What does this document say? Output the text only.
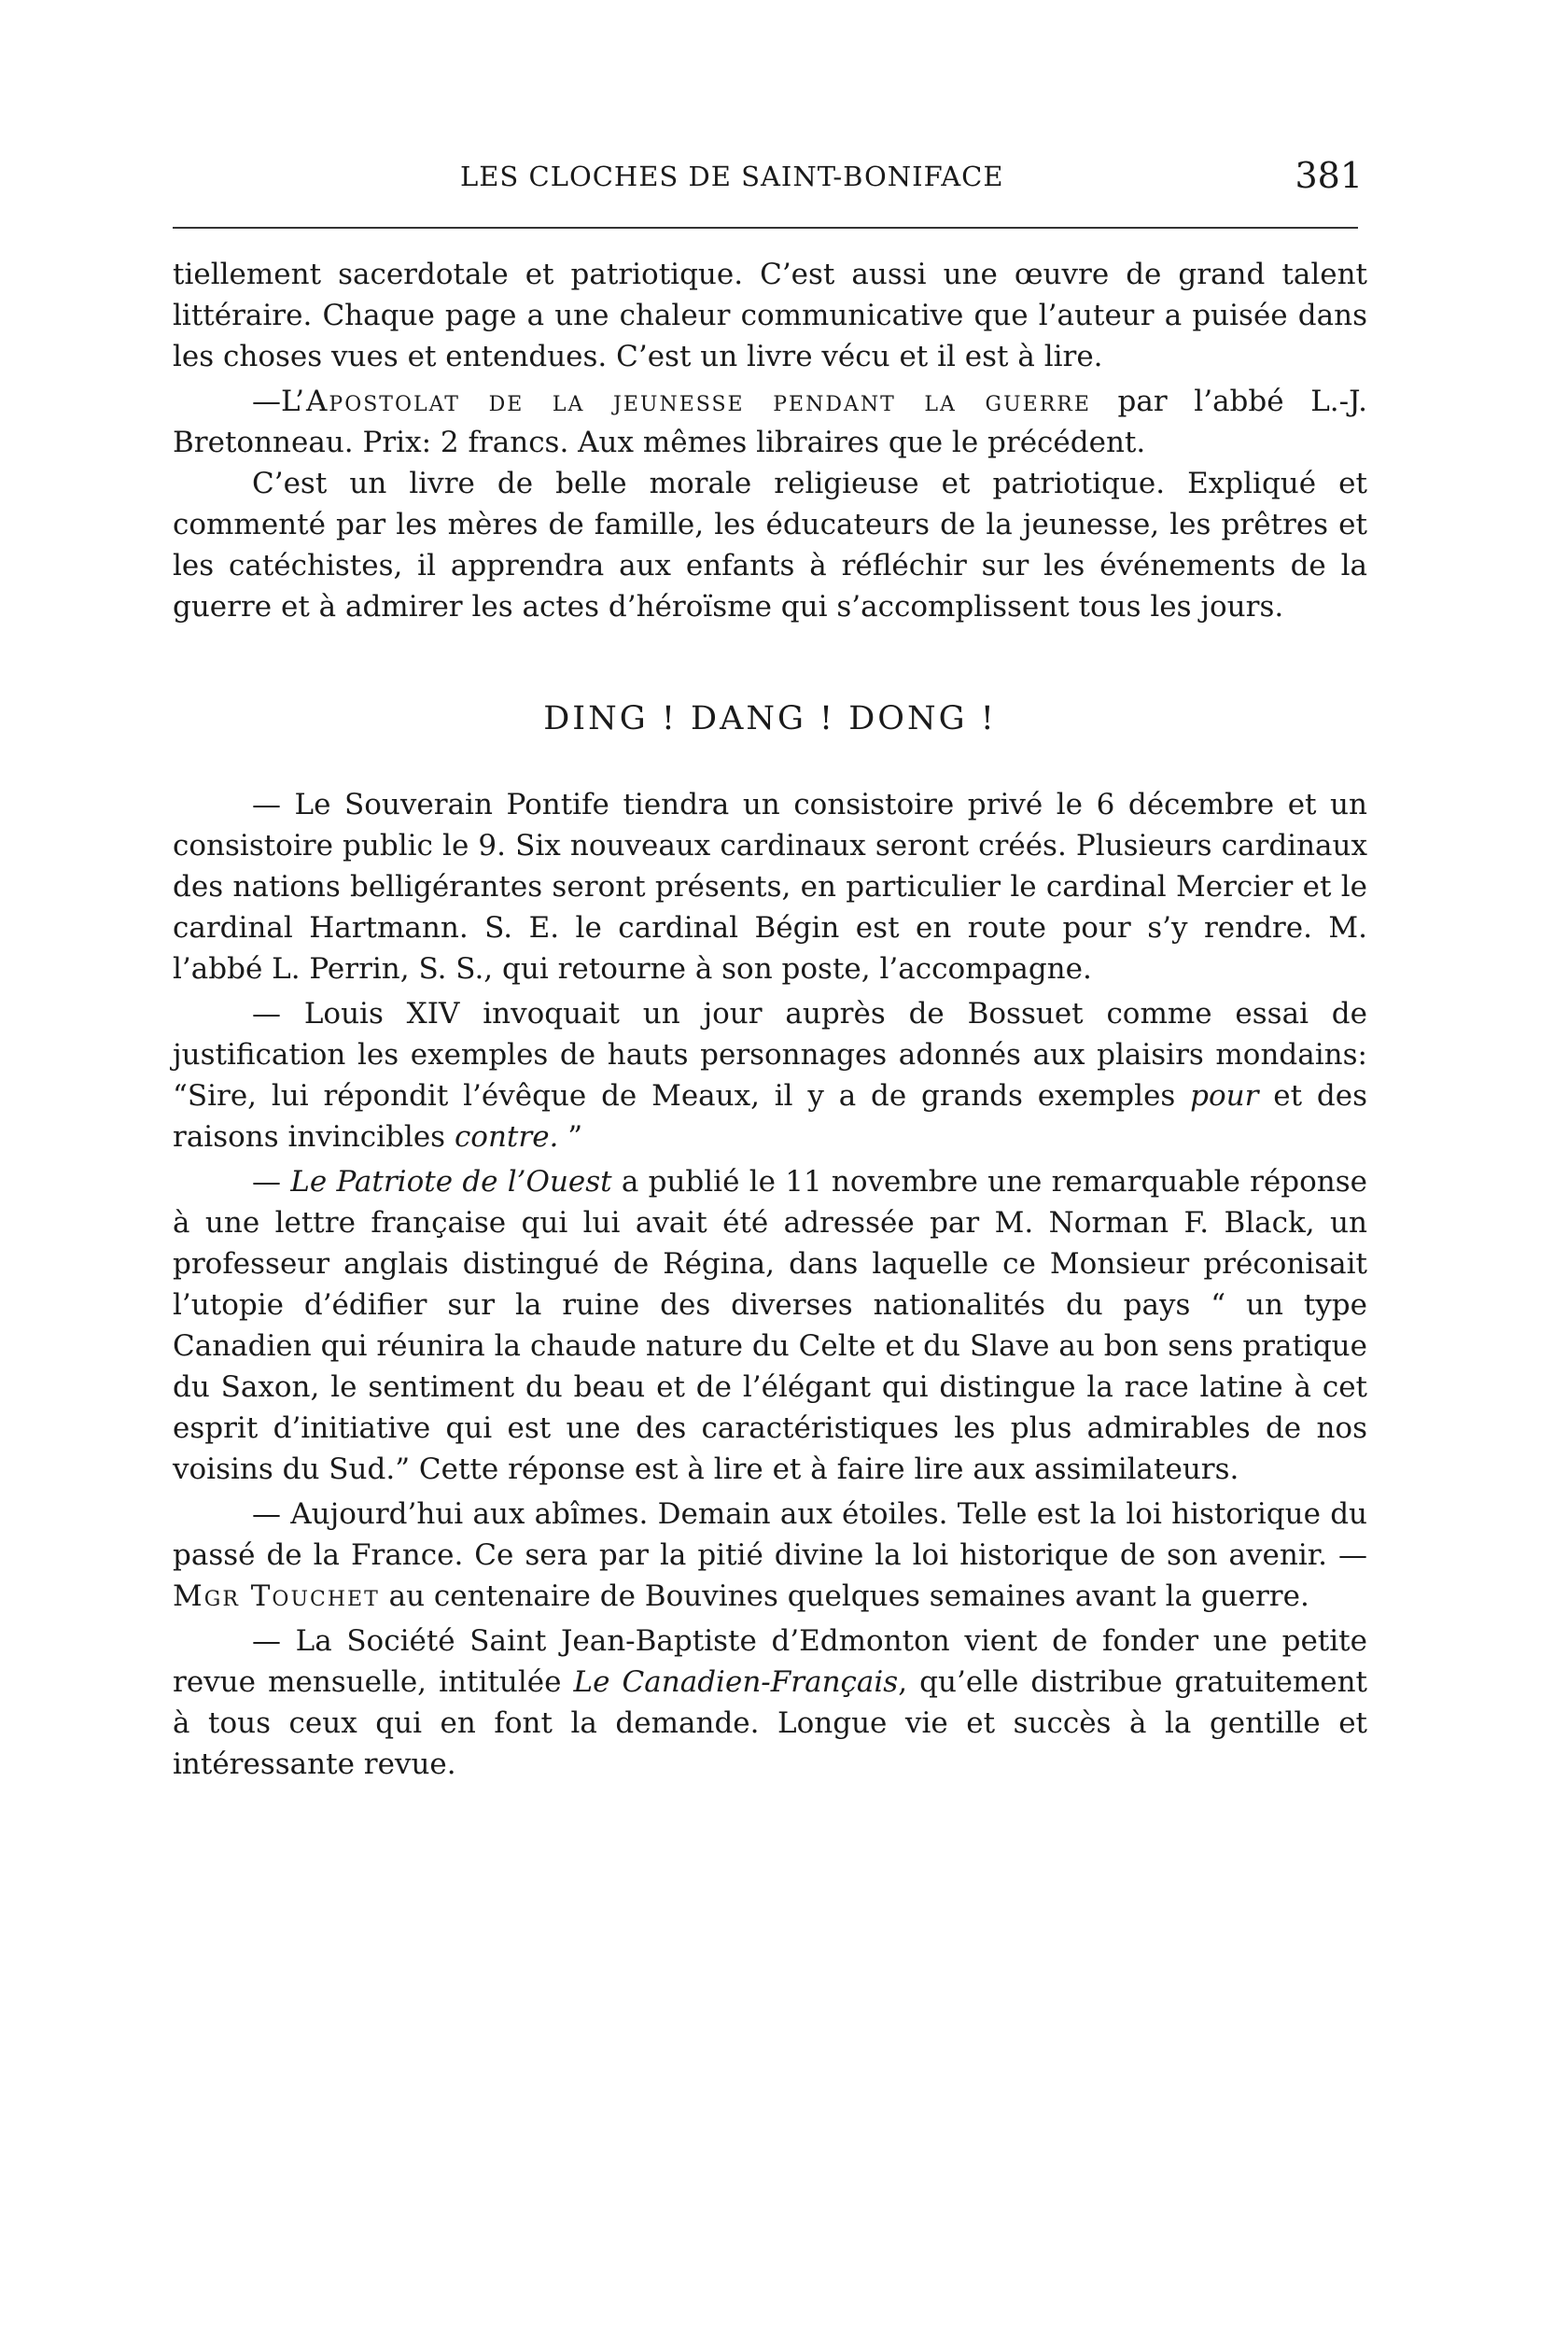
LES CLOCHES DE SAINT-BONIFACE	381

tiellement sacerdotale et patriotique. C’est aussi une œuvre de grand talent littéraire. Chaque page a une chaleur communicative que l’auteur a puisée dans les choses vues et entendues. C’est un livre vécu et il est à lire.

—L’Apostolat de la jeunesse pendant la guerre par l’abbé L.-J. Bretonneau. Prix: 2 francs. Aux mêmes libraires que le précédent.

C’est un livre de belle morale religieuse et patriotique. Expliqué et commenté par les mères de famille, les éducateurs de la jeunesse, les prêtres et les catéchistes, il apprendra aux enfants à réfléchir sur les événements de la guerre et à admirer les actes d’héroïsme qui s’accomplissent tous les jours.

DING ! DANG ! DONG !

— Le Souverain Pontife tiendra un consistoire privé le 6 décembre et un consistoire public le 9. Six nouveaux cardinaux seront créés. Plusieurs cardinaux des nations belligérantes seront présents, en particulier le cardinal Mercier et le cardinal Hartmann. S. E. le cardinal Bégin est en route pour s’y rendre. M. l’abbé L. Perrin, S. S., qui retourne à son poste, l’accompagne.

— Louis XIV invoquait un jour auprès de Bossuet comme essai de justification les exemples de hauts personnages adonnés aux plaisirs mondains: “Sire, lui répondit l’évêque de Meaux, il y a de grands exemples pour et des raisons invincibles contre. ”

— Le Patriote de l’Ouest a publié le 11 novembre une remarquable réponse à une lettre française qui lui avait été adressée par M. Norman F. Black, un professeur anglais distingué de Régina, dans laquelle ce Monsieur préconisait l’utopie d’édifier sur la ruine des diverses nationalités du pays “ un type Canadien qui réunira la chaude nature du Celte et du Slave au bon sens pratique du Saxon, le sentiment du beau et de l’élégant qui distingue la race latine à cet esprit d’initiative qui est une des caractéristiques les plus admirables de nos voisins du Sud.” Cette réponse est à lire et à faire lire aux assimilateurs.

— Aujourd’hui aux abîmes. Demain aux étoiles. Telle est la loi historique du passé de la France. Ce sera par la pitié divine la loi historique de son avenir. — Mgr Touchet au centenaire de Bouvines quelques semaines avant la guerre.

— La Société Saint Jean-Baptiste d’Edmonton vient de fonder une petite revue mensuelle, intitulée Le Canadien-Français, qu’elle distribue gratuitement à tous ceux qui en font la demande. Longue vie et succès à la gentille et intéressante revue.
